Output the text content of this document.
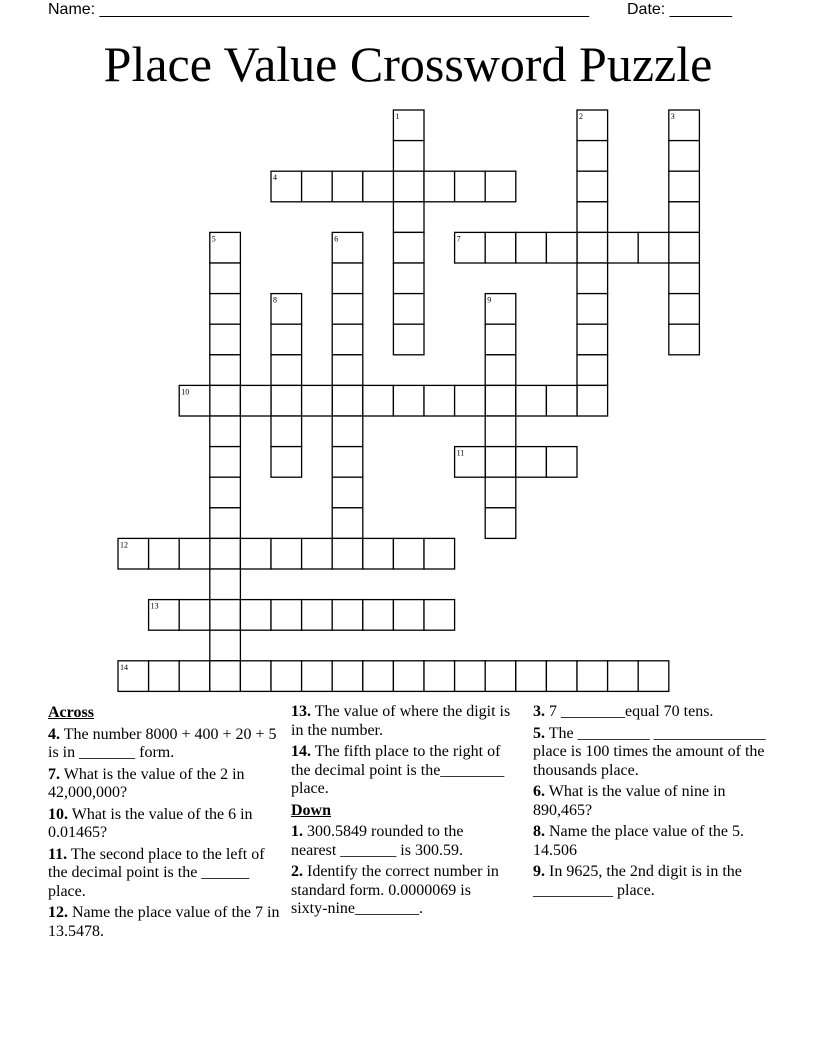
Name: _______________________________________________________ Date: _______
Place Value Crossword Puzzle
1	2	3
4
5	6	7
8	9
10
11
12
13
14
Across
4. The number 8000 + 400 + 20 + 5 is in _______ form.
7. What is the value of the 2 in 42,000,000?
10. What is the value of the 6 in 0.01465?
11. The second place to the left of the decimal point is the ______ place.
12. Name the place value of the 7 in 13.5478.
13. The value of where the digit is in the number.
14. The fifth place to the right of the decimal point is the________ place.
Down
1. 300.5849 rounded to the nearest _______ is 300.59.
2. Identify the correct number in standard form. 0.0000069 is sixty-nine________.
3. 7 ________equal 70 tens.
5. The _________ ______________ place is 100 times the amount of the thousands place.
6. What is the value of nine in 890,465?
8. Name the place value of the 5. 14.506
9. In 9625, the 2nd digit is in the __________ place.
